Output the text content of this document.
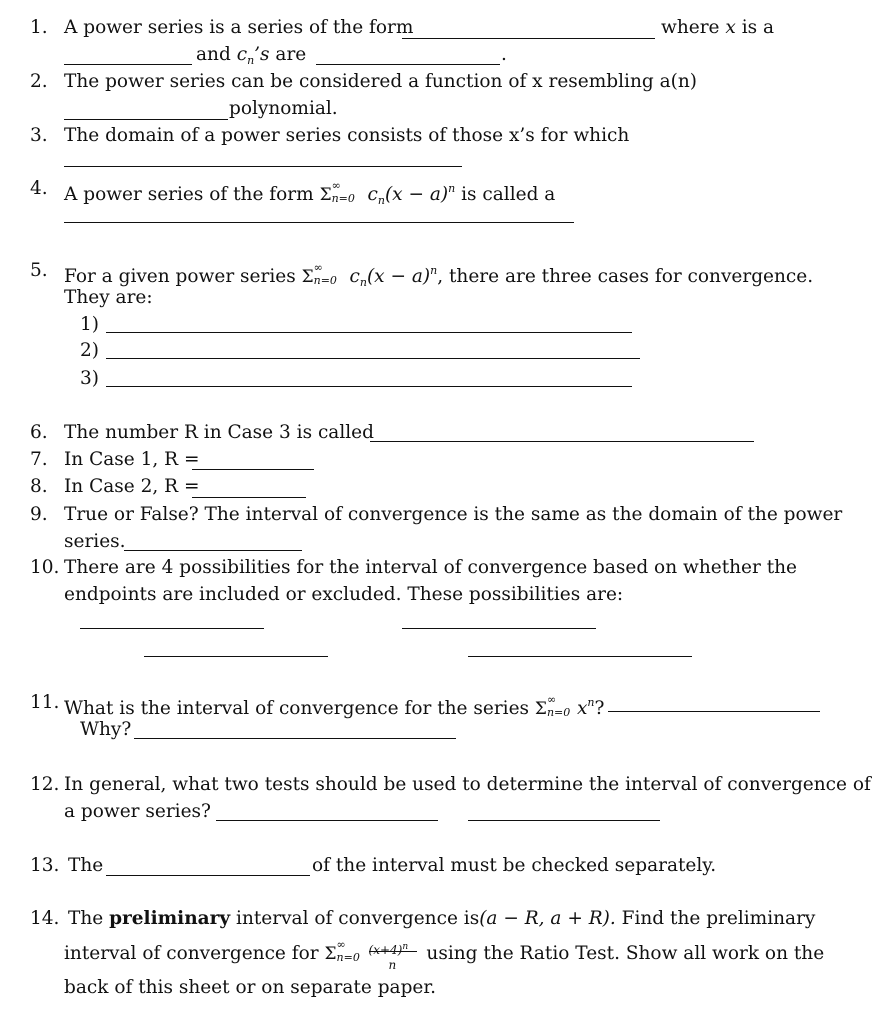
1. A power series is a series of the form	where x is a
and $c_n’s$ are	.
2. The power series can be considered a function of x resembling a(n)
polynomial.
3. The domain of a power series consists of those x’s for which
4. A power series of the form Σ ∞
n=0 $c_n(x - a)^n$ is called a
5. For a given power series Σ ∞
n=0 $c_n(x - a)^n$, there are three cases for convergence.
They are:
1)
2)
3)
6. The number R in Case 3 is called
7. In Case 1, R =
8. In Case 2, R =
9. True or False? The interval of convergence is the same as the domain of the power
series.
10. There are 4 possibilities for the interval of convergence based on whether the
endpoints are included or excluded. These possibilities are:
11. What is the interval of convergence for the series Σ ∞
n=0 $x^n$?
Why?
12. In general, what two tests should be used to determine the interval of convergence of
a power series?
13. The	of the interval must be checked separately.
14. The preliminary interval of convergence is(a − R, a + R). Find the preliminary
interval of convergence for Σ ∞
n=0
$(x+4)^n$
n
using the Ratio Test. Show all work on the
back of this sheet or on separate paper.
